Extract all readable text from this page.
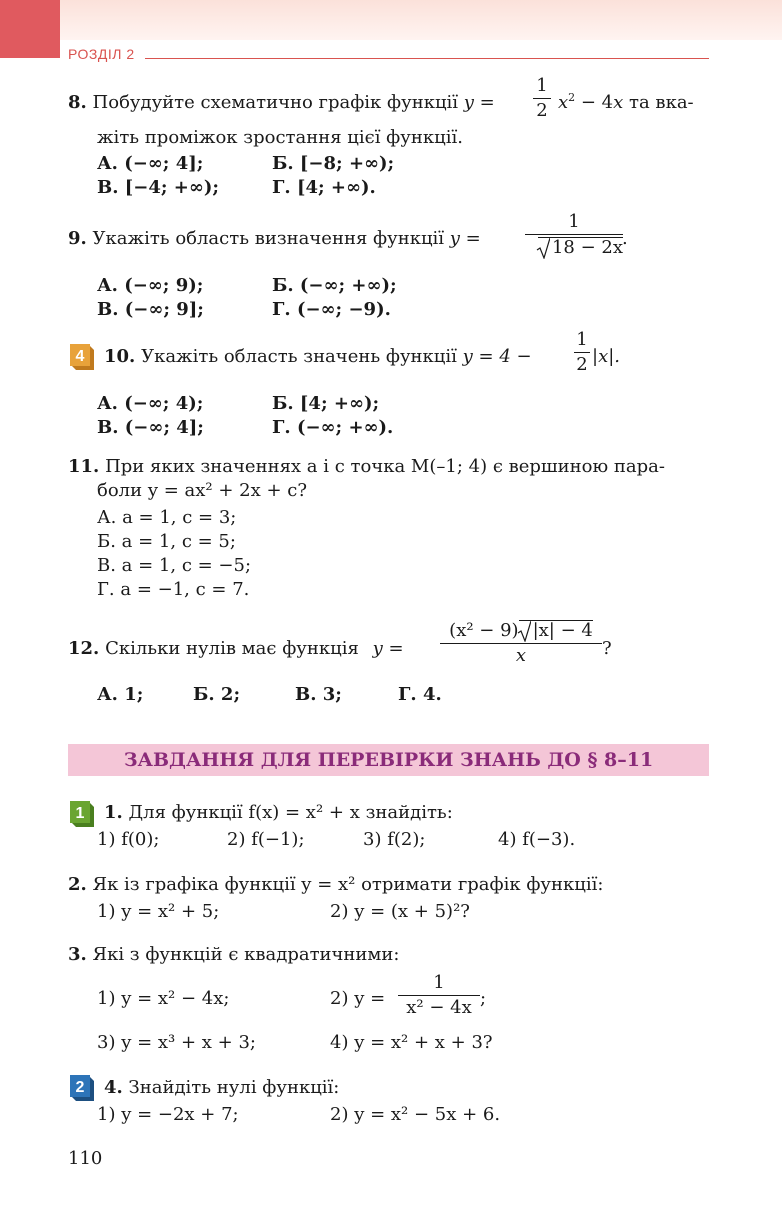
РОЗДІЛ 2
8. Побудуйте схематично графік функції y =
1
2 $x^2 - 4x$ та вка-
жіть проміжок зростання цієї функції.
А. (−∞; 4];	Б. [−8; +∞);
В. [−4; +∞);	Г. [4; +∞).
9. Укажіть область визначення функції y =
1
18 − 2x .
А. (−∞; 9);	Б. (−∞; +∞);
В. (−∞; 9];	Г. (−∞; −9).
4 10. Укажіть область значень функції y = 4 −
1
2 |x|.
А. (−∞; 4);	Б. [4; +∞);
В. (−∞; 4];	Г. (−∞; +∞).
11. При яких значеннях a і c точка M(–1; 4) є вершиною пара-
боли y = ax² + 2x + c?
А. a = 1, c = 3;
Б. a = 1, c = 5;
В. a = 1, c = −5;
Г. a = −1, c = 7.
12. Скільки нулів має функція y =
(x² − 9) |x| − 4
x	?
А. 1;	Б. 2;	В. 3;	Г. 4.
ЗАВДАННЯ ДЛЯ ПЕРЕВІРКИ ЗНАНЬ ДО § 8–11
1 1. Для функції f(x) = x² + x знайдіть:
1) f(0);	2) f(−1);	3) f(2);	4) f(−3).
2. Як із графіка функції y = x² отримати графік функції:
1) y = x² + 5;	2) y = (x + 5)²?
3. Які з функцій є квадратичними:
1) y = x² − 4x;	2) y =
1
x² − 4x ;
3) y = x³ + x + 3;	4) y = x² + x + 3?
2 4. Знайдіть нулі функції:
1) y = −2x + 7;	2) y = x² − 5x + 6.
110
